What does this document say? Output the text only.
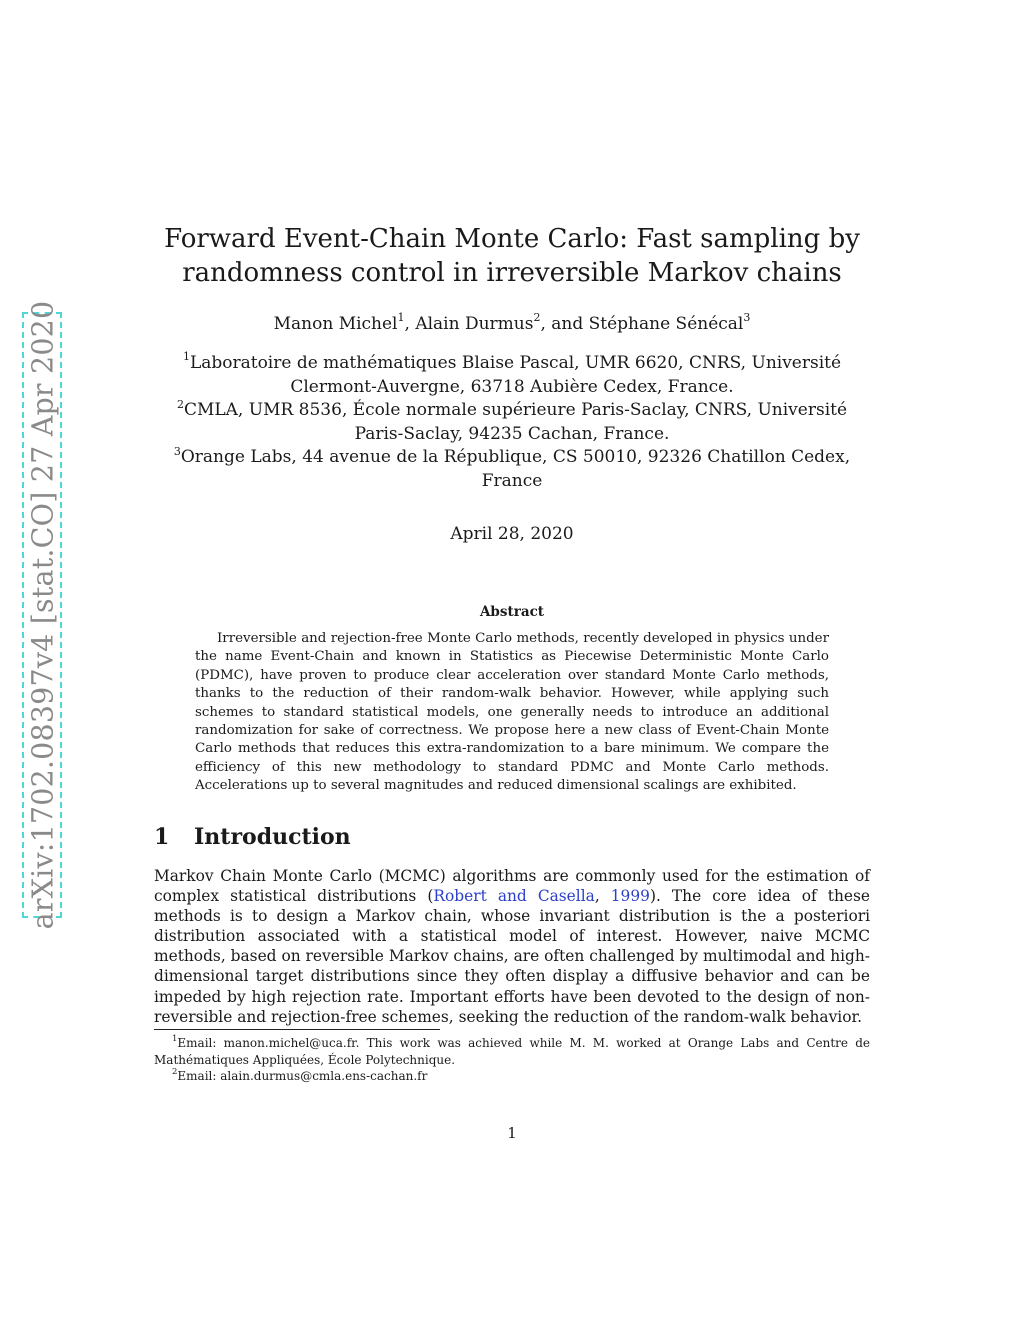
arXiv:1702.08397v4 [stat.CO] 27 Apr 2020
Forward Event-Chain Monte Carlo: Fast sampling by
randomness control in irreversible Markov chains
Manon Michel$^1$, Alain Durmus$^2$, and Stéphane Sénécal$^3$
$^1$Laboratoire de mathématiques Blaise Pascal, UMR 6620, CNRS, Université
Clermont-Auvergne, 63718 Aubière Cedex, France.
$^2$CMLA, UMR 8536, École normale supérieure Paris-Saclay, CNRS, Université
Paris-Saclay, 94235 Cachan, France.
$^3$Orange Labs, 44 avenue de la République, CS 50010, 92326 Chatillon Cedex,
France
April 28, 2020
Abstract

Irreversible and rejection-free Monte Carlo methods, recently developed in physics under the name Event-Chain and known in Statistics as Piecewise Deterministic Monte Carlo (PDMC), have proven to produce clear acceleration over standard Monte Carlo methods, thanks to the reduction of their random-walk behavior. However, while applying such schemes to standard statistical models, one generally needs to introduce an additional randomization for sake of correctness. We propose here a new class of Event-Chain Monte Carlo methods that reduces this extra-randomization to a bare minimum. We compare the efficiency of this new methodology to standard PDMC and Monte Carlo methods. Accelerations up to several magnitudes and reduced dimensional scalings are exhibited.

1 Introduction

Markov Chain Monte Carlo (MCMC) algorithms are commonly used for the estimation of complex statistical distributions (Robert and Casella, 1999). The core idea of these methods is to design a Markov chain, whose invariant distribution is the a posteriori distribution associated with a statistical model of interest. However, naive MCMC methods, based on reversible Markov chains, are often challenged by multimodal and high-dimensional target distributions since they often display a diffusive behavior and can be impeded by high rejection rate. Important efforts have been devoted to the design of non-reversible and rejection-free schemes, seeking the reduction of the random-walk behavior.

$^1$Email: manon.michel@uca.fr. This work was achieved while M. M. worked at Orange Labs and Centre de Mathématiques Appliquées, École Polytechnique.

$^2$Email: alain.durmus@cmla.ens-cachan.fr

1
